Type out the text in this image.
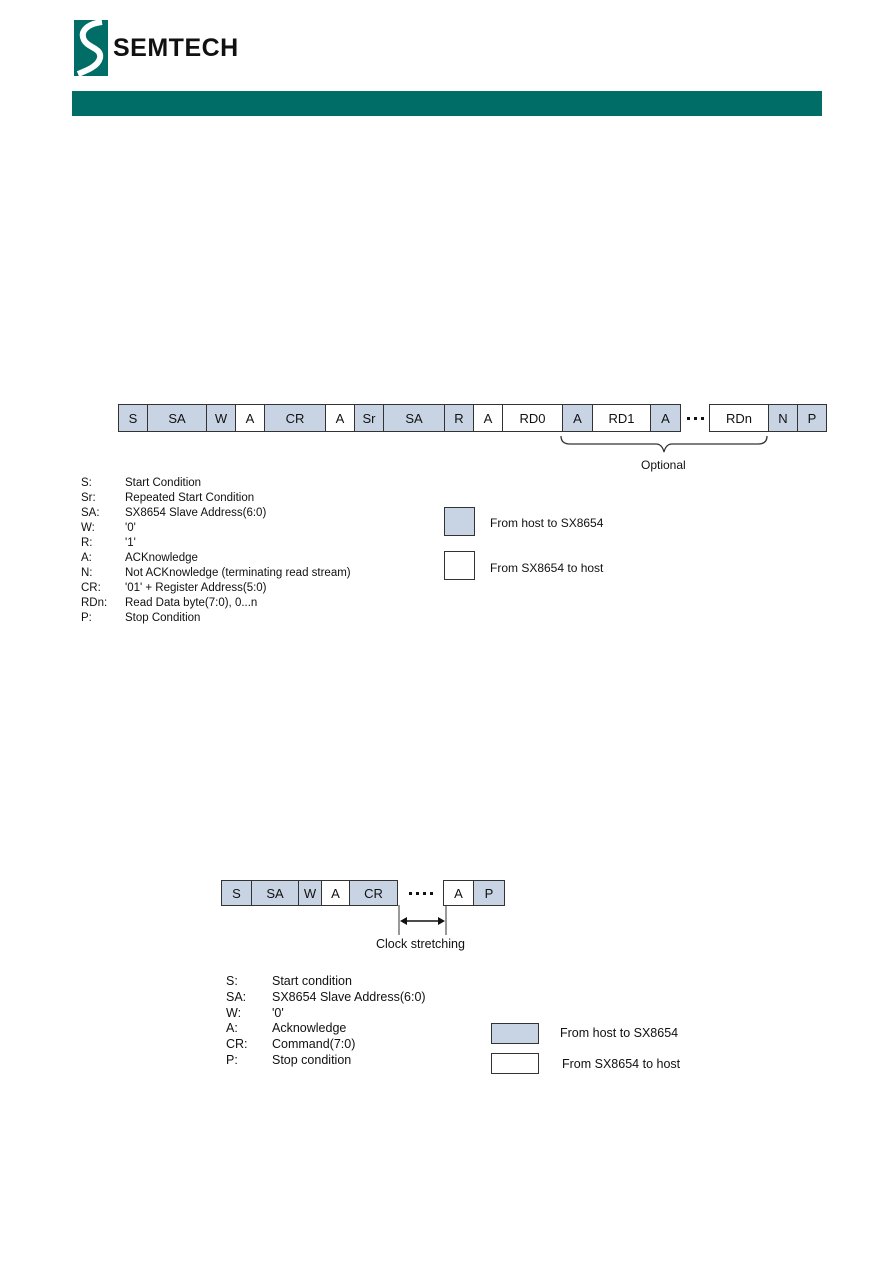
SEMTECH
S	SA	W	A	CR	A	Sr	SA	R	A	RD0	A	RD1	A	RDn	N	P
Optional
S:	Start Condition
Sr:	Repeated Start Condition
SA:	SX8654 Slave Address(6:0)
W:	'0'
R:	'1'
A:	ACKnowledge
N:	Not ACKnowledge (terminating read stream)
CR:	'01' + Register Address(5:0)
RDn:	Read Data byte(7:0), 0...n
P:	Stop Condition
From host to SX8654
From SX8654 to host
S	SA	W	A	CR	A	P
Clock stretching
S:	Start condition
SA:	SX8654 Slave Address(6:0)
W:	'0'
A:	Acknowledge
CR:	Command(7:0)
P:	Stop condition
From host to SX8654
From SX8654 to host
